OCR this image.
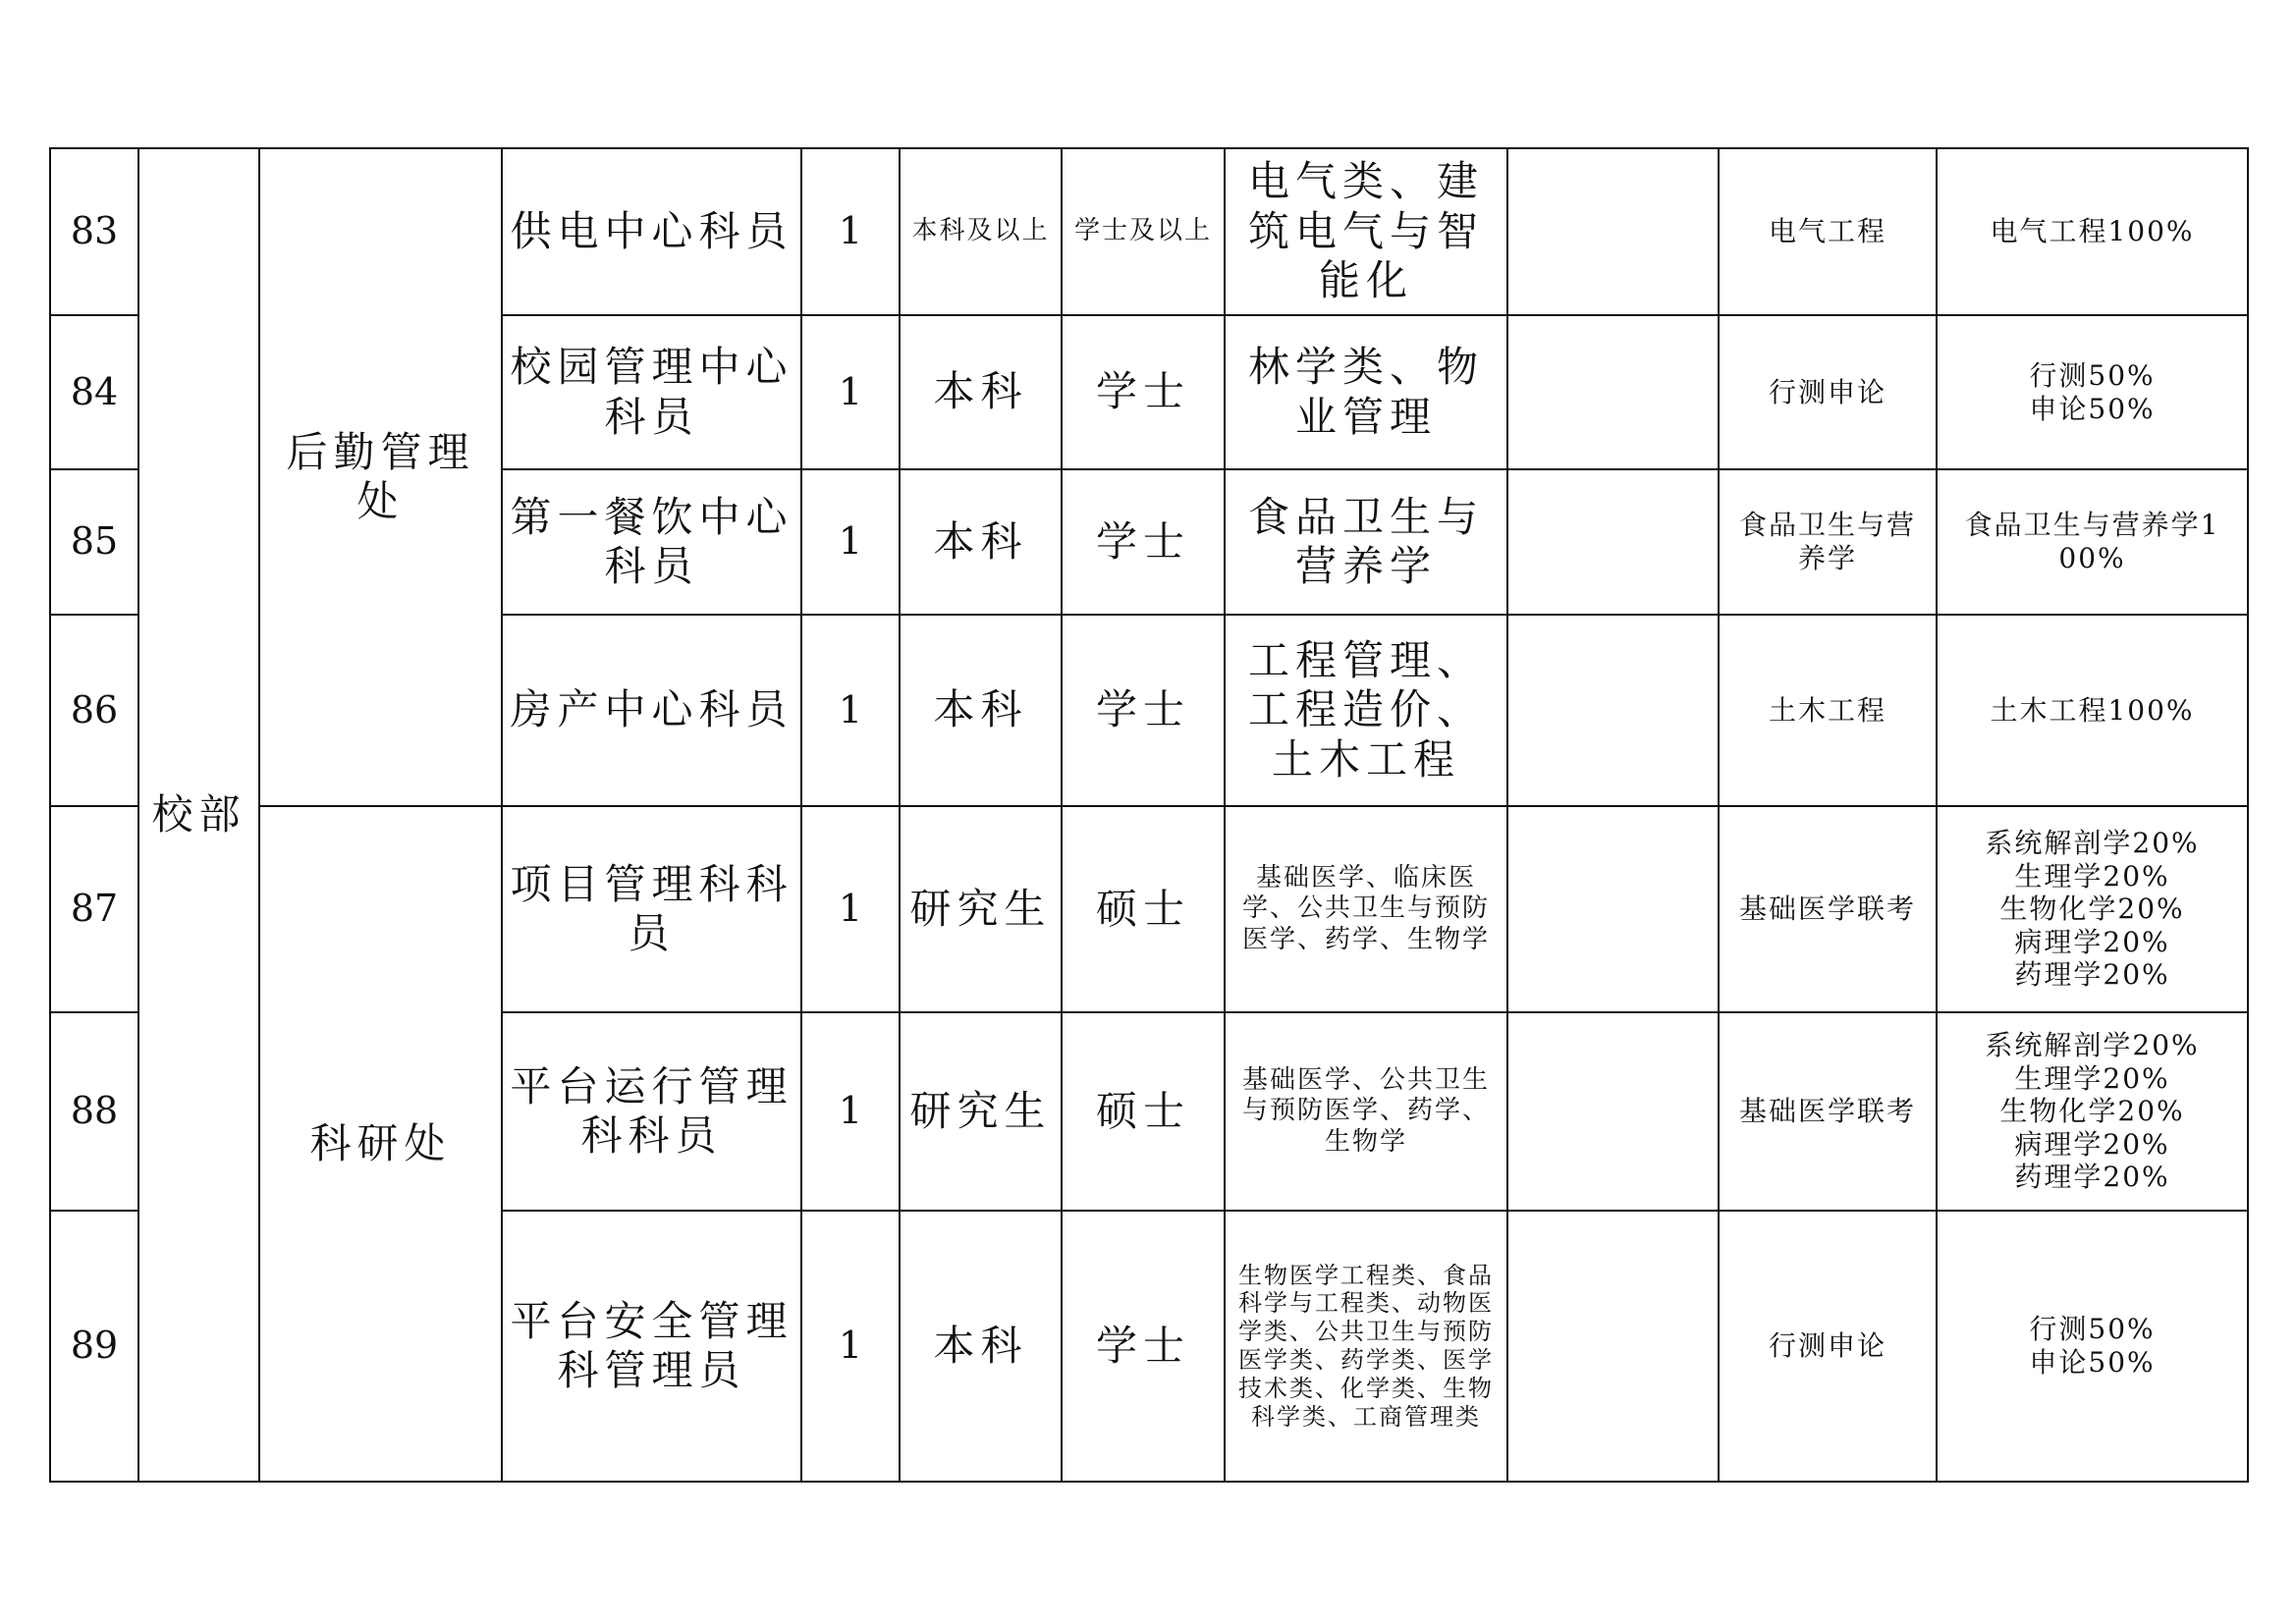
83	校部	后勤管理处	供电中心科员	1	本科及以上	学士及以上	电气类、建筑电气与智能化		电气工程	电气工程100%

84			校园管理中心科员	1	本科	学士	林学类、物业管理		行测申论	行测50%
申论50%

85			第一餐饮中心科员	1	本科	学士	食品卫生与营养学		食品卫生与营养学	食品卫生与营养学100%
86			房产中心科员	1	本科	学士	工程管理、工程造价、土木工程		土木工程	土木工程100%

87		科研处	项目管理科科员	1	研究生	硕士	基础医学、临床医学、公共卫生与预防医学、药学、生物学		基础医学联考	系统解剖学20%
生理学20%
生物化学20%
病理学20%
药理学20%

88			平台运行管理科科员	1	研究生	硕士	基础医学、公共卫生与预防医学、药学、生物学		基础医学联考	系统解剖学20%
生理学20%
生物化学20%
病理学20%
药理学20%

89			平台安全管理科管理员	1	本科	学士	生物医学工程类、食品科学与工程类、动物医学类、公共卫生与预防医学类、药学类、医学技术类、化学类、生物科学类、工商管理类		行测申论	行测50%
申论50%
